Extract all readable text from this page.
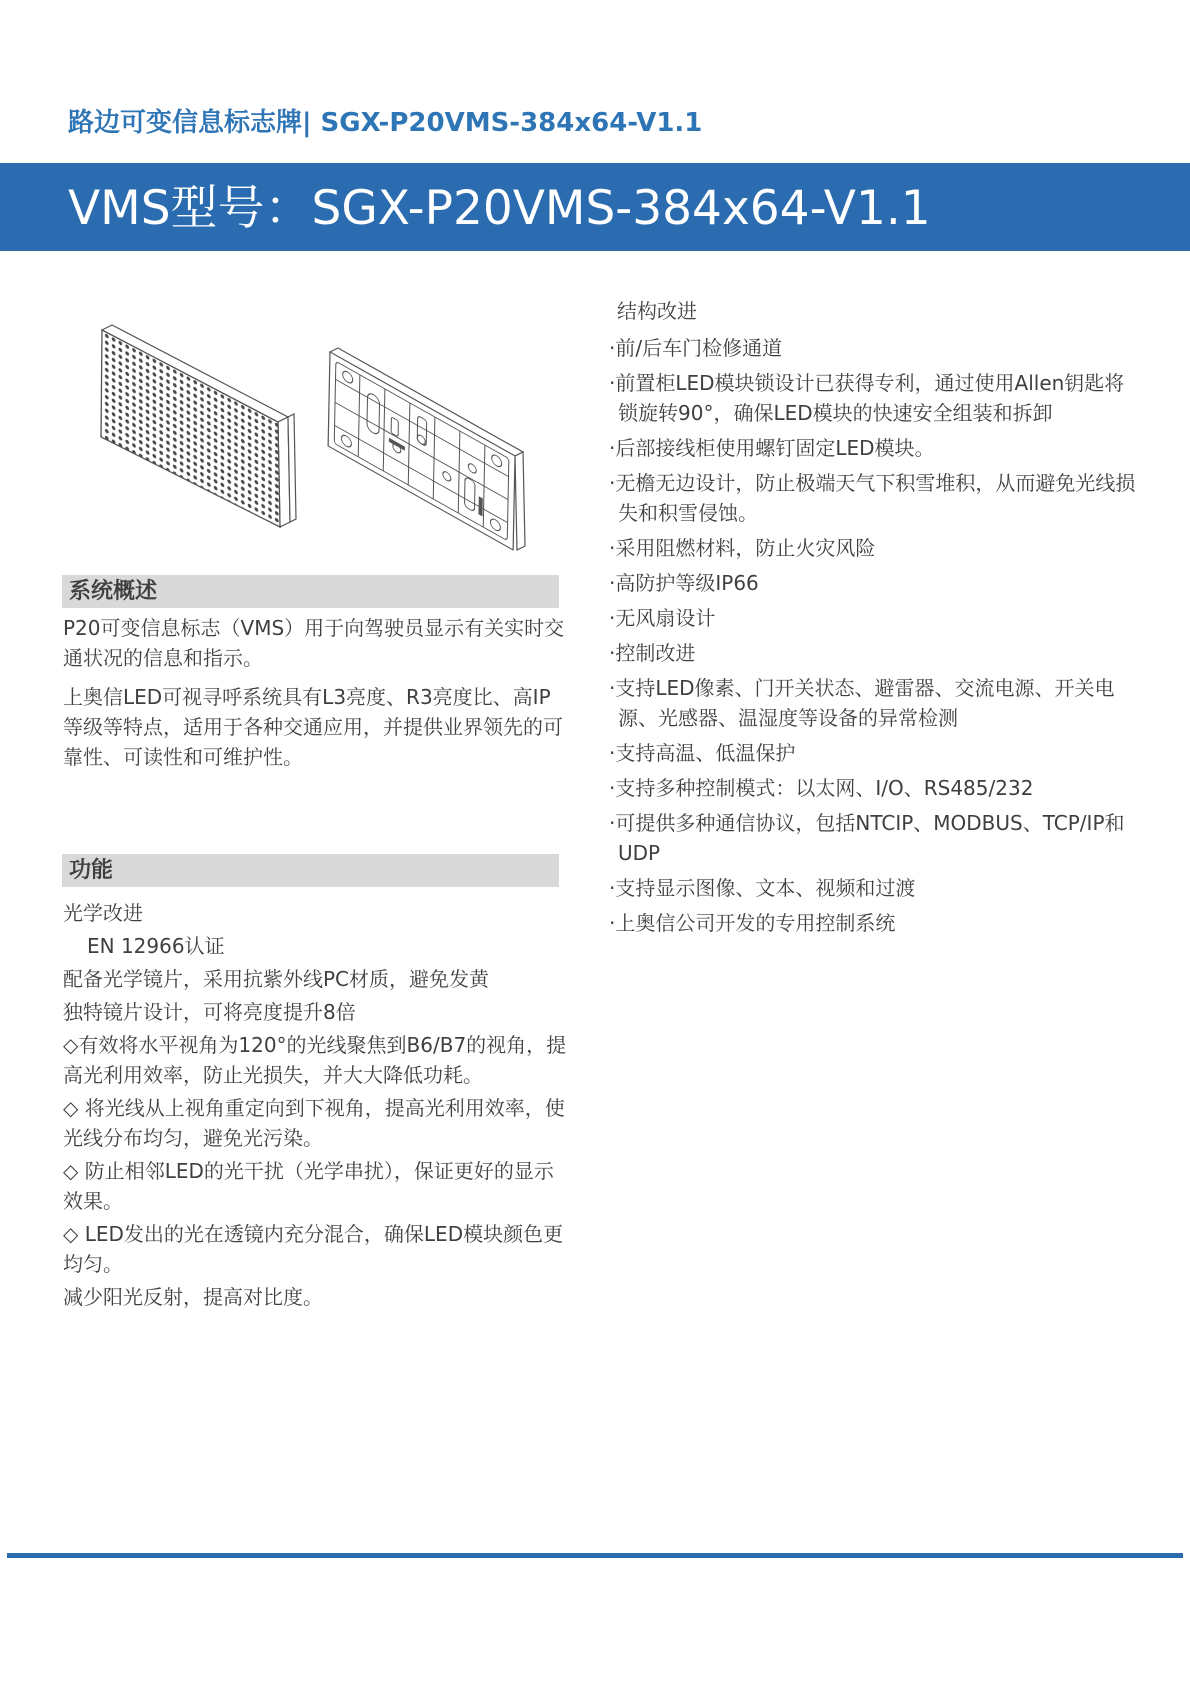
路边可变信息标志牌| SGX-P20VMS-384x64-V1.1
VMS型号：SGX-P20VMS-384x64-V1.1
系统概述

P20可变信息标志（VMS）用于向驾驶员显示有关实时交通状况的信息和指示。

上奥信LED可视寻呼系统具有L3亮度、R3亮度比、高IP等级等特点，适用于各种交通应用，并提供业界领先的可靠性、可读性和可维护性。

功能
光学改进
EN 12966认证
配备光学镜片，采用抗紫外线PC材质，避免发黄
独特镜片设计，可将亮度提升8倍
◇有效将水平视角为120°的光线聚焦到B6/B7的视角，提高光利用效率，防止光损失，并大大降低功耗。
◇ 将光线从上视角重定向到下视角，提高光利用效率，使光线分布均匀，避免光污染。
◇ 防止相邻LED的光干扰（光学串扰），保证更好的显示效果。
◇ LED发出的光在透镜内充分混合，确保LED模块颜色更均匀。
减少阳光反射，提高对比度。
结构改进
·前/后车门检修通道
·前置柜LED模块锁设计已获得专利，通过使用Allen钥匙将锁旋转90°，确保LED模块的快速安全组装和拆卸
·后部接线柜使用螺钉固定LED模块。
·无檐无边设计，防止极端天气下积雪堆积，从而避免光线损失和积雪侵蚀。
·采用阻燃材料，防止火灾风险
·高防护等级IP66
·无风扇设计
·控制改进
·支持LED像素、门开关状态、避雷器、交流电源、开关电源、光感器、温湿度等设备的异常检测
·支持高温、低温保护
·支持多种控制模式：以太网、I/O、RS485/232
·可提供多种通信协议，包括NTCIP、MODBUS、TCP/IP和UDP
·支持显示图像、文本、视频和过渡
·上奥信公司开发的专用控制系统
